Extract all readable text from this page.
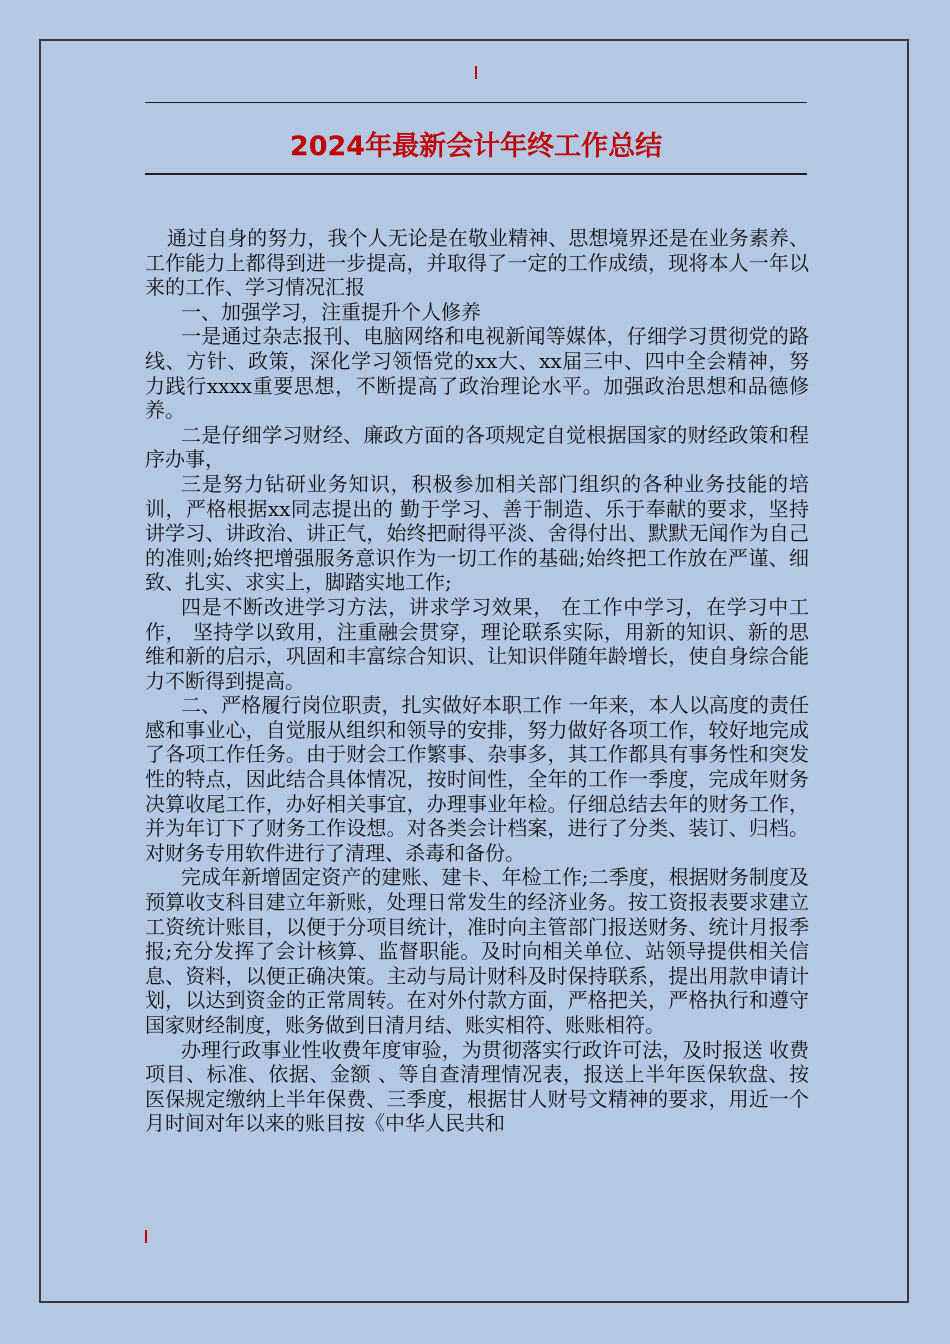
2024年最新会计年终工作总结

通过自身的努力，我个人无论是在敬业精神、思想境界还是在业务素养、工作能力上都得到进一步提高，并取得了一定的工作成绩，现将本人一年以来的工作、学习情况汇报

一、加强学习，注重提升个人修养

一是通过杂志报刊、电脑网络和电视新闻等媒体，仔细学习贯彻党的路线、方针、政策，深化学习领悟党的xx大、xx届三中、四中全会精神，努力践行xxxx重要思想，不断提高了政治理论水平。加强政治思想和品德修养。

二是仔细学习财经、廉政方面的各项规定自觉根据国家的财经政策和程序办事，

三是努力钻研业务知识，积极参加相关部门组织的各种业务技能的培训，严格根据xx同志提出的 勤于学习、善于制造、乐于奉献的要求，坚持 讲学习、讲政治、讲正气，始终把耐得平淡、舍得付出、默默无闻作为自己的准则;始终把增强服务意识作为一切工作的基础;始终把工作放在严谨、细致、扎实、求实上，脚踏实地工作;

四是不断改进学习方法，讲求学习效果， 在工作中学习，在学习中工作， 坚持学以致用，注重融会贯穿，理论联系实际，用新的知识、新的思维和新的启示，巩固和丰富综合知识、让知识伴随年龄增长，使自身综合能力不断得到提高。

二、严格履行岗位职责，扎实做好本职工作 一年来，本人以高度的责任感和事业心，自觉服从组织和领导的安排，努力做好各项工作，较好地完成了各项工作任务。由于财会工作繁事、杂事多，其工作都具有事务性和突发性的特点，因此结合具体情况，按时间性，全年的工作一季度，完成年财务决算收尾工作，办好相关事宜，办理事业年检。仔细总结去年的财务工作，并为年订下了财务工作设想。对各类会计档案，进行了分类、装订、归档。对财务专用软件进行了清理、杀毒和备份。

完成年新增固定资产的建账、建卡、年检工作;二季度，根据财务制度及预算收支科目建立年新账，处理日常发生的经济业务。按工资报表要求建立工资统计账目，以便于分项目统计，准时向主管部门报送财务、统计月报季报;充分发挥了会计核算、监督职能。及时向相关单位、站领导提供相关信息、资料，以便正确决策。主动与局计财科及时保持联系，提出用款申请计划，以达到资金的正常周转。在对外付款方面，严格把关，严格执行和遵守国家财经制度，账务做到日清月结、账实相符、账账相符。

办理行政事业性收费年度审验，为贯彻落实行政许可法，及时报送 收费项目、标准、依据、金额 、等自查清理情况表，报送上半年医保软盘、按医保规定缴纳上半年保费、三季度，根据甘人财号文精神的要求，用近一个月时间对年以来的账目按《中华人民共和
